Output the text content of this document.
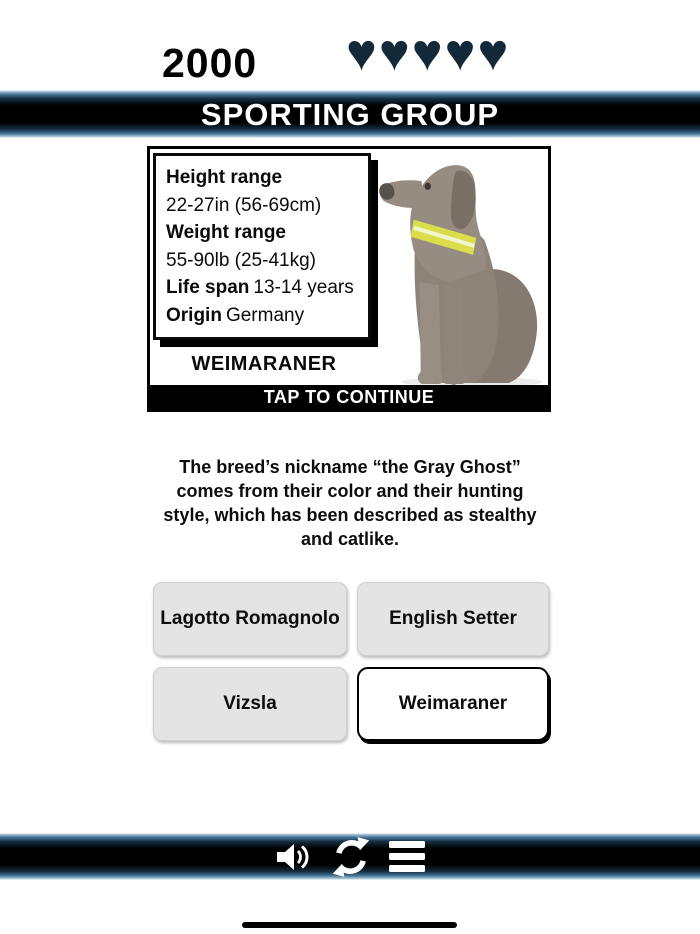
2000 ♥♥♥♥♥
SPORTING GROUP
Height range
22-27in (56-69cm)
Weight range
55-90lb (25-41kg)
Life span 13-14 years
Origin Germany
WEIMARANER
TAP TO CONTINUE
The breed’s nickname “the Gray Ghost” comes from their color and their hunting style, which has been described as stealthy and catlike.
Lagotto Romagnolo	English Setter
Vizsla	Weimaraner
